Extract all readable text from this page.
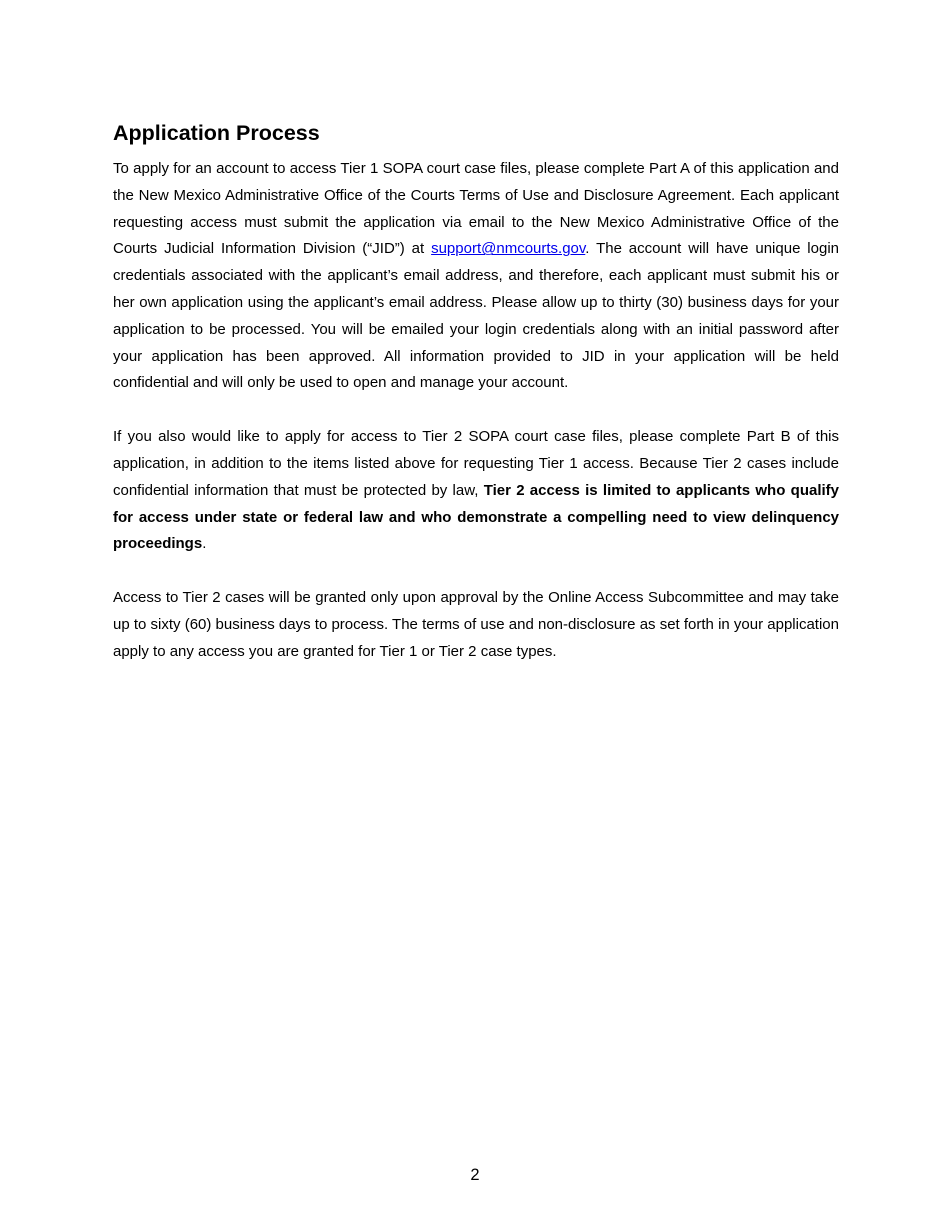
Application Process

To apply for an account to access Tier 1 SOPA court case files, please complete Part A of this application and the New Mexico Administrative Office of the Courts Terms of Use and Disclosure Agreement. Each applicant requesting access must submit the application via email to the New Mexico Administrative Office of the Courts Judicial Information Division (“JID”) at support@nmcourts.gov. The account will have unique login credentials associated with the applicant’s email address, and therefore, each applicant must submit his or her own application using the applicant’s email address. Please allow up to thirty (30) business days for your application to be processed. You will be emailed your login credentials along with an initial password after your application has been approved. All information provided to JID in your application will be held confidential and will only be used to open and manage your account.

If you also would like to apply for access to Tier 2 SOPA court case files, please complete Part B of this application, in addition to the items listed above for requesting Tier 1 access. Because Tier 2 cases include confidential information that must be protected by law, Tier 2 access is limited to applicants who qualify for access under state or federal law and who demonstrate a compelling need to view delinquency proceedings.

Access to Tier 2 cases will be granted only upon approval by the Online Access Subcommittee and may take up to sixty (60) business days to process. The terms of use and non-disclosure as set forth in your application apply to any access you are granted for Tier 1 or Tier 2 case types.

2
